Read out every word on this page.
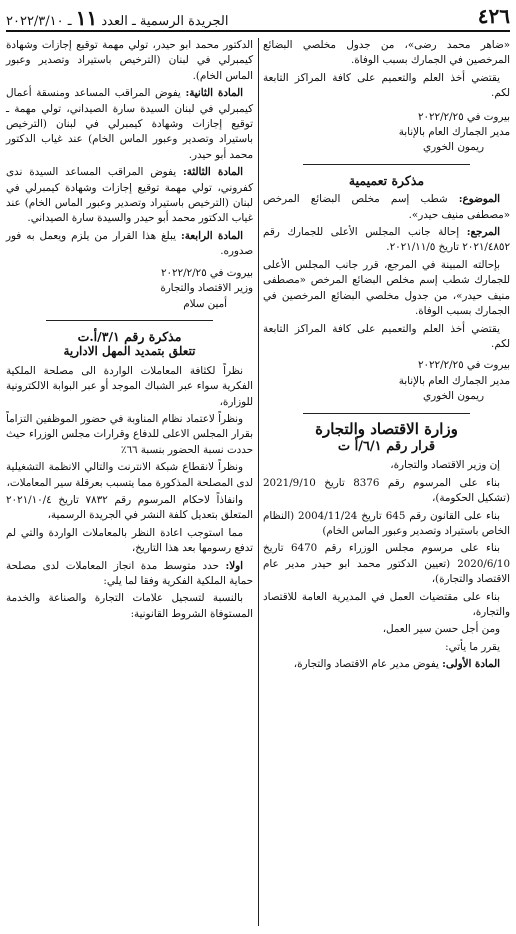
٤٢٦
الجريدة الرسمية ـ العدد ١١ ـ ٢٠٢٢/٣/١٠

«ضاهر محمد رضى»، من جدول مخلصي البضائع المرخصين في الجمارك بسبب الوفاة.

يقتضي أخذ العلم والتعميم على كافة المراكز التابعة لكم.

بيروت في ٢٠٢٢/٢/٢٥

مدير الجمارك العام بالإنابة

ريمون الخوري

مذكرة تعميمية

الموضوع: شطب إسم مخلص البضائع المرخص «مصطفى منيف حيدر».

المرجع: إحالة جانب المجلس الأعلى للجمارك رقم ٢٠٢١/٤٨٥٢ تاريخ ٢٠٢١/١١/٥.

بإحالته المبينة في المرجع، قرر جانب المجلس الأعلى للجمارك شطب إسم مخلص البضائع المرخص «مصطفى منيف حيدر»، من جدول مخلصي البضائع المرخصين في الجمارك بسبب الوفاة.

يقتضي أخذ العلم والتعميم على كافة المراكز التابعة لكم.

بيروت في ٢٠٢٢/٢/٢٥

مدير الجمارك العام بالإنابة

ريمون الخوري

وزارة الاقتصاد والتجارة
قرار رقم ٦/١/أ ت

إن وزير الاقتصاد والتجارة،

بناء على المرسوم رقم 8376 تاريخ 2021/9/10 (تشكيل الحكومة)،

بناء على القانون رقم 645 تاريخ 2004/11/24 (النظام الخاص باستيراد وتصدير وعبور الماس الخام)

بناء على مرسوم مجلس الوزراء رقم 6470 تاريخ 2020/6/10 (تعيين الدكتور محمد ابو حيدر مدير عام الاقتصاد والتجارة)،

بناء على مقتضيات العمل في المديرية العامة للاقتصاد والتجارة،

ومن أجل حسن سير العمل،

يقرر ما يأتي:

المادة الأولى: يفوض مدير عام الاقتصاد والتجارة،

الدكتور محمد ابو حيدر، تولي مهمة توقيع إجازات وشهادة كيمبرلي في لبنان (الترخيص باستيراد وتصدير وعبور الماس الخام).

المادة الثانية: يفوض المراقب المساعد ومنسقة أعمال كيمبرلي في لبنان السيدة سارة الصيداني، تولي مهمة ـ توقيع إجازات وشهادة كيمبرلي في لبنان (الترخيص باستيراد وتصدير وعبور الماس الخام) عند غياب الدكتور محمد أبو حيدر.

المادة الثالثة: يفوض المراقب المساعد السيدة ندى كفروني، تولي مهمة توقيع إجازات وشهادة كيمبرلي في لبنان (الترخيص باستيراد وتصدير وعبور الماس الخام) عند غياب الدكتور محمد أبو حيدر والسيدة سارة الصيداني.

المادة الرابعة: يبلغ هذا القرار من يلزم ويعمل به فور صدوره.

بيروت في ٢٠٢٢/٢/٢٥

وزير الاقتصاد والتجارة

أمين سلام

مذكرة رقم ٣/١/أ.ت
تتعلق بتمديد المهل الادارية

نظراً لكثافة المعاملات الواردة الى مصلحة الملكية الفكرية سواء عبر الشباك الموجد أو عبر البوابة الالكترونية للوزارة،

ونظراً لاعتماد نظام المناوبة في حضور الموظفين التزاماً بقرار المجلس الاعلى للدفاع وقرارات مجلس الوزراء حيث حددت نسبة الحضور بنسبة ٦٦٪

ونظراً لانقطاع شبكة الانترنت والتالي الانظمة التشغيلية لدى المصلحة المذكورة مما يتسبب بعرقلة سير المعاملات،

وانفاذاً لاحكام المرسوم رقم ٧٨٣٢ تاريخ ٢٠٢١/١٠/٤ المتعلق بتعديل كلفة النشر في الجريدة الرسمية،

مما استوجب اعادة النظر بالمعاملات الواردة والتي لم تدفع رسومها بعد هذا التاريخ،

اولا: حدد متوسط مدة انجاز المعاملات لدى مصلحة حماية الملكية الفكرية وفقا لما يلي:

بالنسبة لتسجيل علامات التجارة والصناعة والخدمة المستوفاة الشروط القانونية:
